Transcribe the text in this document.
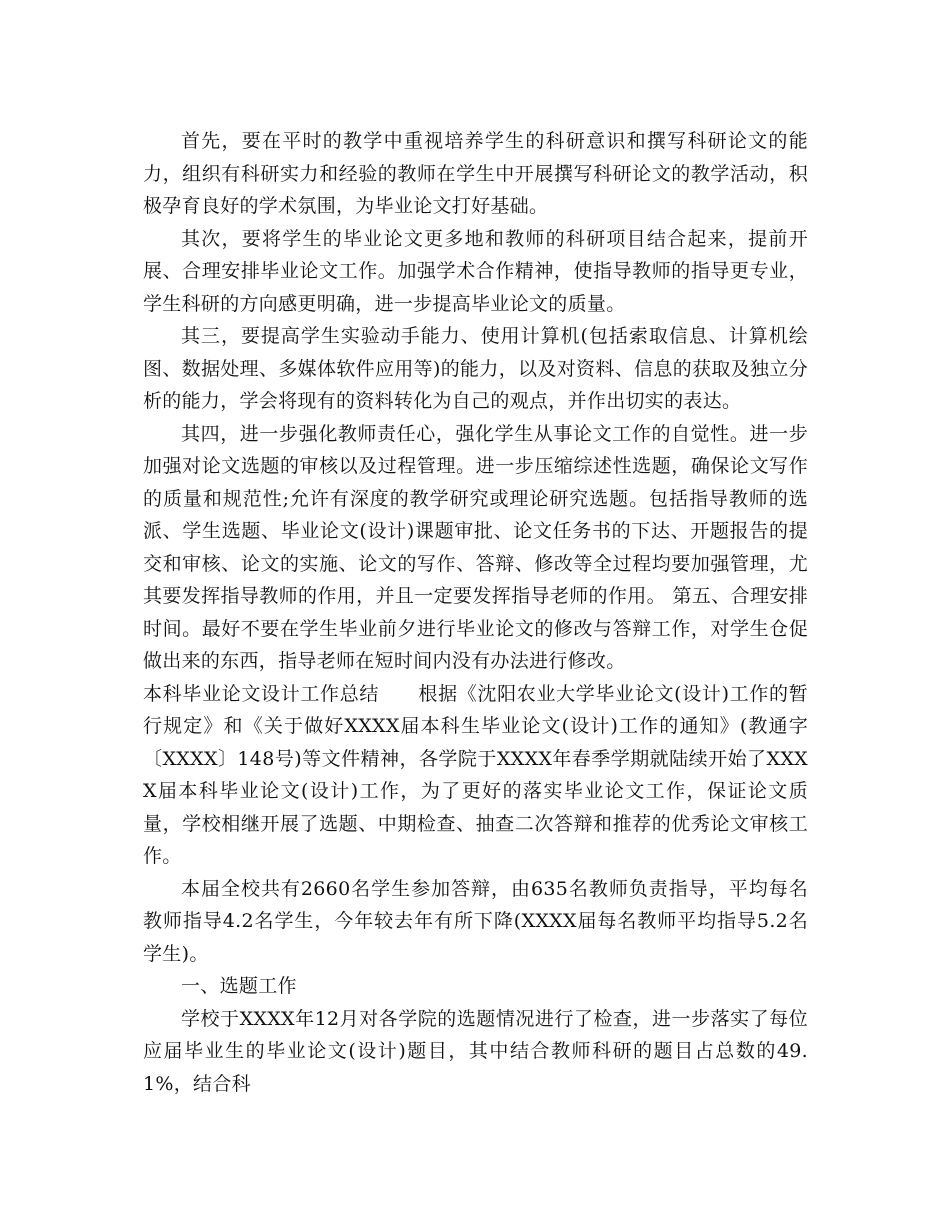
首先，要在平时的教学中重视培养学生的科研意识和撰写科研论文的能力，组织有科研实力和经验的教师在学生中开展撰写科研论文的教学活动，积极孕育良好的学术氛围，为毕业论文打好基础。

其次，要将学生的毕业论文更多地和教师的科研项目结合起来，提前开展、合理安排毕业论文工作。加强学术合作精神，使指导教师的指导更专业，学生科研的方向感更明确，进一步提高毕业论文的质量。

其三，要提高学生实验动手能力、使用计算机(包括索取信息、计算机绘图、数据处理、多媒体软件应用等)的能力，以及对资料、信息的获取及独立分析的能力，学会将现有的资料转化为自己的观点，并作出切实的表达。

其四，进一步强化教师责任心，强化学生从事论文工作的自觉性。进一步加强对论文选题的审核以及过程管理。进一步压缩综述性选题，确保论文写作的质量和规范性;允许有深度的教学研究或理论研究选题。包括指导教师的选派、学生选题、毕业论文(设计)课题审批、论文任务书的下达、开题报告的提交和审核、论文的实施、论文的写作、答辩、修改等全过程均要加强管理，尤其要发挥指导教师的作用，并且一定要发挥指导老师的作用。 第五、合理安排时间。最好不要在学生毕业前夕进行毕业论文的修改与答辩工作，对学生仓促做出来的东西，指导老师在短时间内没有办法进行修改。

本科毕业论文设计工作总结　　根据《沈阳农业大学毕业论文(设计)工作的暂行规定》和《关于做好XXXX届本科生毕业论文(设计)工作的通知》(教通字〔XXXX〕148号)等文件精神，各学院于XXXX年春季学期就陆续开始了XXXX届本科毕业论文(设计)工作，为了更好的落实毕业论文工作，保证论文质量，学校相继开展了选题、中期检查、抽查二次答辩和推荐的优秀论文审核工作。

本届全校共有2660名学生参加答辩，由635名教师负责指导，平均每名教师指导4.2名学生，今年较去年有所下降(XXXX届每名教师平均指导5.2名学生)。

一、选题工作

学校于XXXX年12月对各学院的选题情况进行了检查，进一步落实了每位应届毕业生的毕业论文(设计)题目，其中结合教师科研的题目占总数的49.1%，结合科
